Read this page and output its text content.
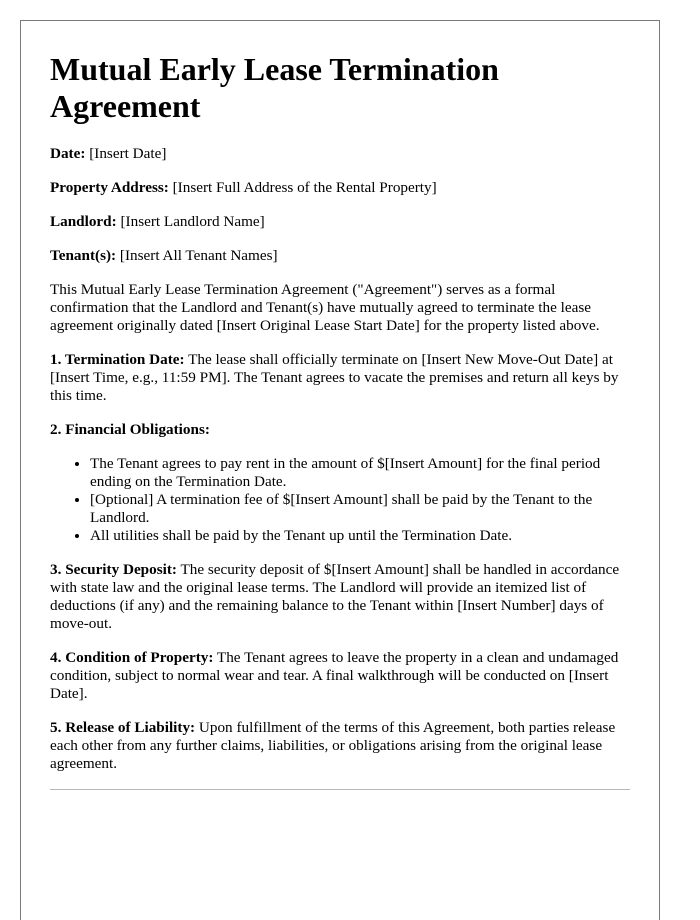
Mutual Early Lease Termination Agreement

Date: [Insert Date]

Property Address: [Insert Full Address of the Rental Property]

Landlord: [Insert Landlord Name]

Tenant(s): [Insert All Tenant Names]

This Mutual Early Lease Termination Agreement ("Agreement") serves as a formal confirmation that the Landlord and Tenant(s) have mutually agreed to terminate the lease agreement originally dated [Insert Original Lease Start Date] for the property listed above.

1. Termination Date: The lease shall officially terminate on [Insert New Move-Out Date] at [Insert Time, e.g., 11:59 PM]. The Tenant agrees to vacate the premises and return all keys by this time.

2. Financial Obligations:

• The Tenant agrees to pay rent in the amount of $[Insert Amount] for the final period ending on the Termination Date.
• [Optional] A termination fee of $[Insert Amount] shall be paid by the Tenant to the Landlord.
• All utilities shall be paid by the Tenant up until the Termination Date.

3. Security Deposit: The security deposit of $[Insert Amount] shall be handled in accordance with state law and the original lease terms. The Landlord will provide an itemized list of deductions (if any) and the remaining balance to the Tenant within [Insert Number] days of move-out.

4. Condition of Property: The Tenant agrees to leave the property in a clean and undamaged condition, subject to normal wear and tear. A final walkthrough will be conducted on [Insert Date].

5. Release of Liability: Upon fulfillment of the terms of this Agreement, both parties release each other from any further claims, liabilities, or obligations arising from the original lease agreement.
